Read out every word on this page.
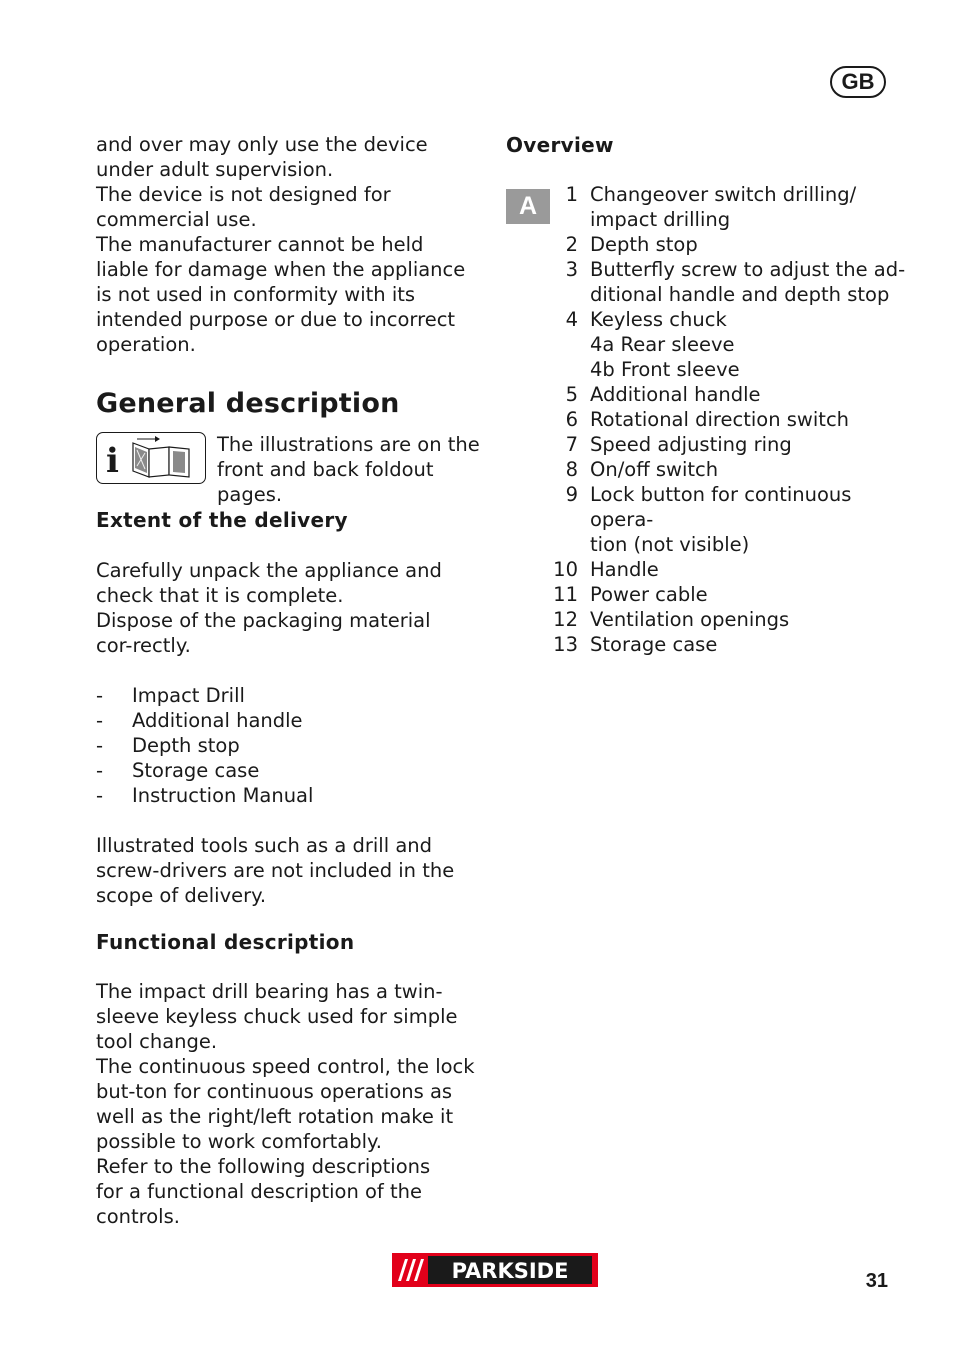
GB

and over may only use the device under adult supervision.

The device is not designed for commercial use.

The manufacturer cannot be held liable for damage when the appliance is not used in conformity with its intended purpose or due to incorrect operation.

General description
i	The illustrations are on the front and back foldout pages.
Extent of the delivery

Carefully unpack the appliance and check that it is complete.

Dispose of the packaging material cor-rectly.

- Impact Drill
- Additional handle
- Depth stop
- Storage case
- Instruction Manual

Illustrated tools such as a drill and screw-drivers are not included in the scope of delivery.

Functional description

The impact drill bearing has a twin-sleeve keyless chuck used for simple tool change.

The continuous speed control, the lock but-ton for continuous operations as well as the right/left rotation make it possible to work comfortably.

Refer to the following descriptions for a functional description of the controls.

Overview
A	1 Changeover switch drilling/
impact drilling
2 Depth stop
3 Butterfly screw to adjust the ad-
ditional handle and depth stop
4 Keyless chuck
4a Rear sleeve
4b Front sleeve
5 Additional handle
6 Rotational direction switch
7 Speed adjusting ring
8 On/off switch
9 Lock button for continuous opera-
tion (not visible)
10 Handle
11 Power cable
12 Ventilation openings
13 Storage case
PARKSIDE	31
